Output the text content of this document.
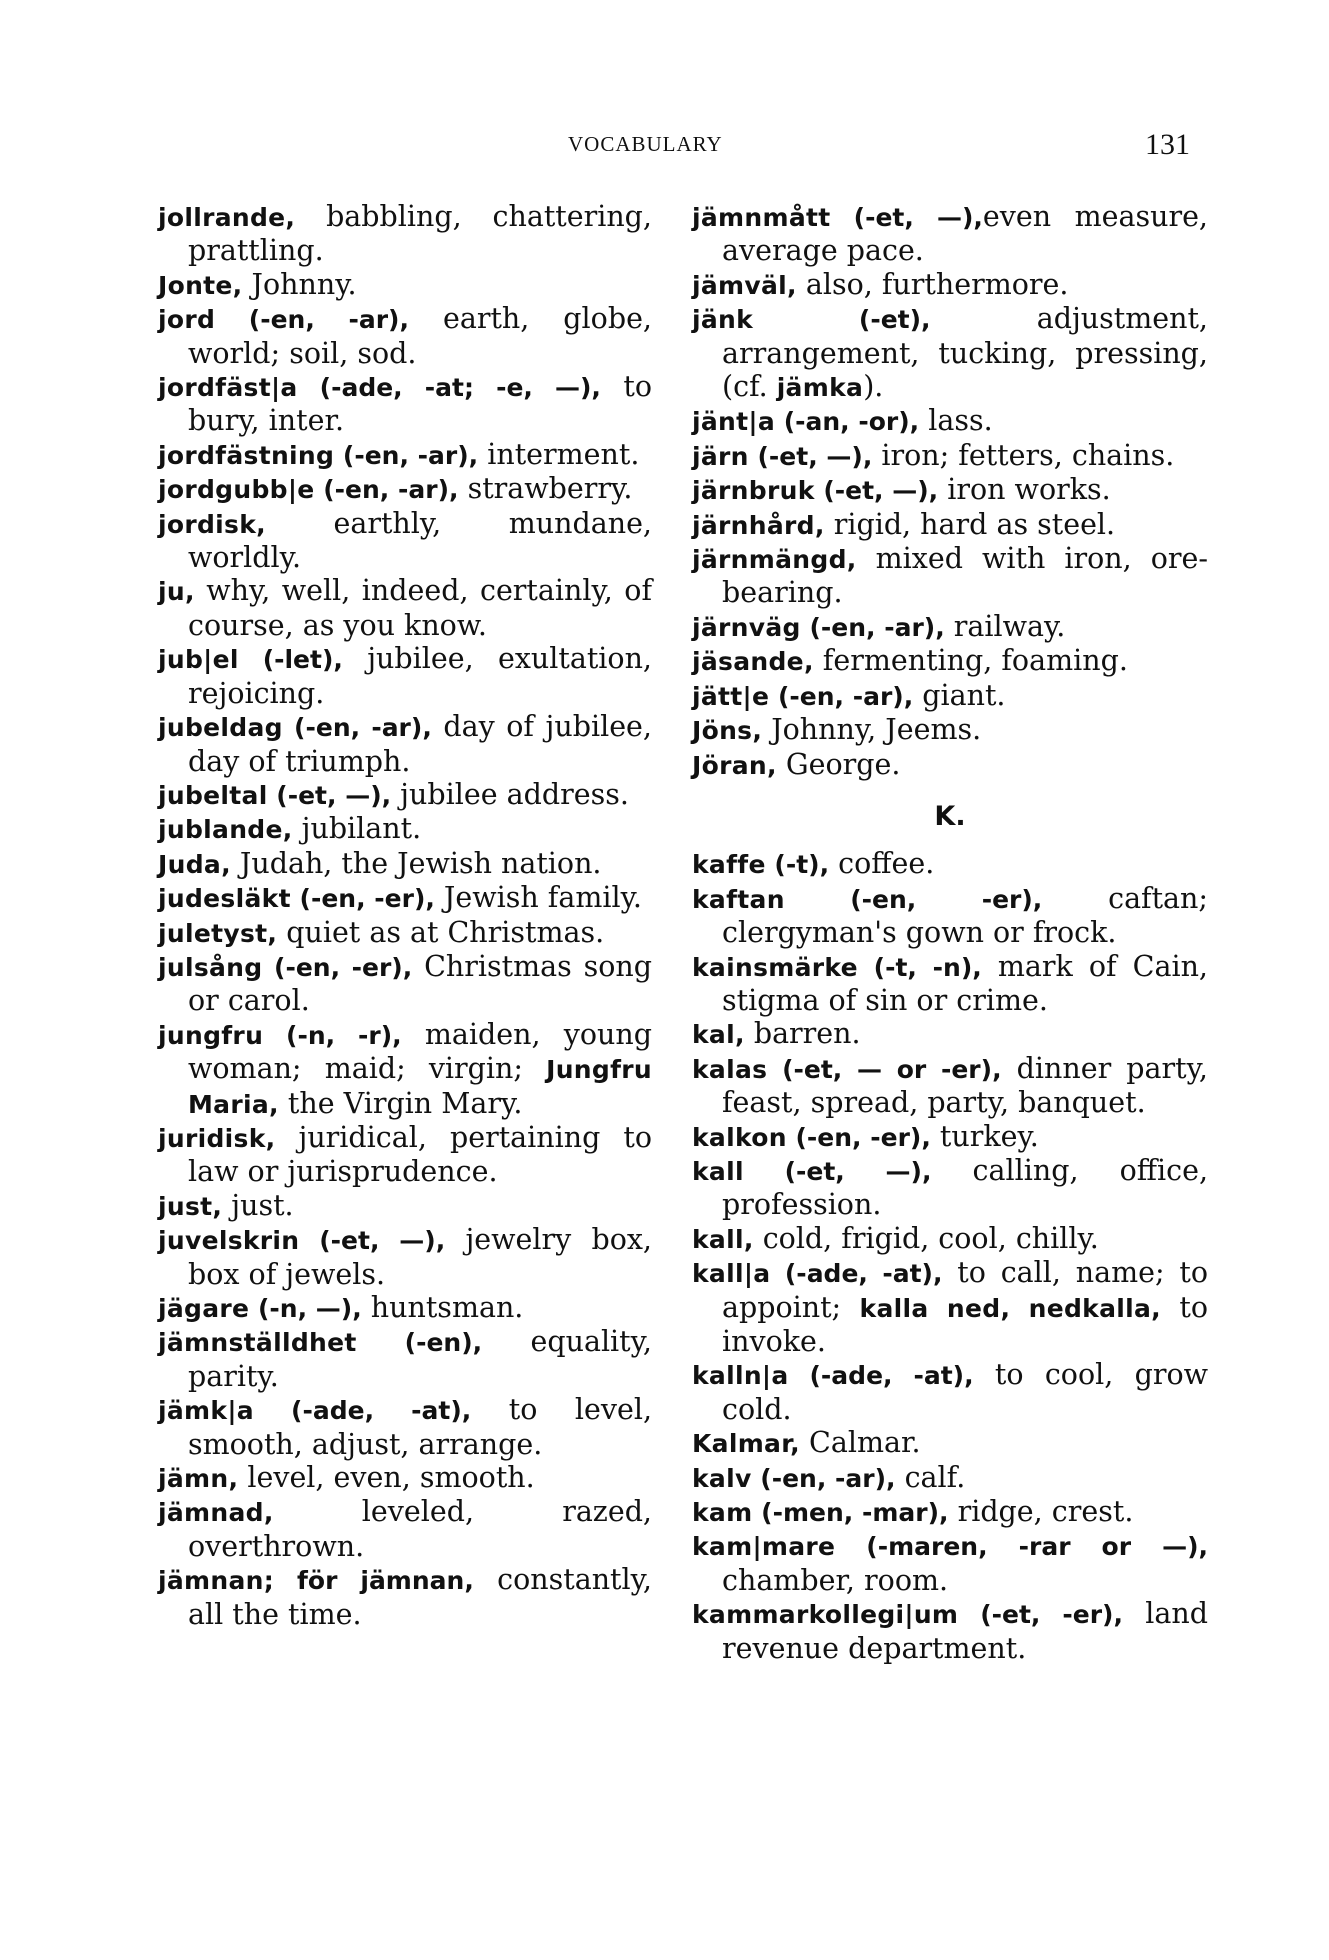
VOCABULARY	131

jollrande, babbling, chattering, prattling.

Jonte, Johnny.

jord (-en, -ar), earth, globe, world; soil, sod.

jordfäst|a (-ade, -at; -e, —), to bury, inter.

jordfästning (-en, -ar), interment.

jordgubb|e (-en, -ar), strawberry.

jordisk, earthly, mundane, worldly.

ju, why, well, indeed, certainly, of course, as you know.

jub|el (-let), jubilee, exultation, rejoicing.

jubeldag (-en, -ar), day of jubilee, day of triumph.

jubeltal (-et, —), jubilee address.

jublande, jubilant.

Juda, Judah, the Jewish nation.

judesläkt (-en, -er), Jewish family.

juletyst, quiet as at Christmas.

julsång (-en, -er), Christmas song or carol.

jungfru (-n, -r), maiden, young woman; maid; virgin; Jungfru Maria, the Virgin Mary.

juridisk, juridical, pertaining to law or jurisprudence.

just, just.

juvelskrin (-et, —), jewelry box, box of jewels.

jägare (-n, —), huntsman.

jämnställdhet (-en), equality, parity.

jämk|a (-ade, -at), to level, smooth, adjust, arrange.

jämn, level, even, smooth.

jämnad, leveled, razed, overthrown.

jämnan; för jämnan, constantly, all the time.

jämnmått (-et, —),even measure, average pace.

jämväl, also, furthermore.

jänk (-et), adjustment, arrangement, tucking, pressing, (cf. jämka).

jänt|a (-an, -or), lass.

järn (-et, —), iron; fetters, chains.

järnbruk (-et, —), iron works.

järnhård, rigid, hard as steel.

järnmängd, mixed with iron, ore-bearing.

järnväg (-en, -ar), railway.

jäsande, fermenting, foaming.

jätt|e (-en, -ar), giant.

Jöns, Johnny, Jeems.

Jöran, George.

K.

kaffe (-t), coffee.

kaftan (-en, -er), caftan; clergyman's gown or frock.

kainsmärke (-t, -n), mark of Cain, stigma of sin or crime.

kal, barren.

kalas (-et, — or -er), dinner party, feast, spread, party, banquet.

kalkon (-en, -er), turkey.

kall (-et, —), calling, office, profession.

kall, cold, frigid, cool, chilly.

kall|a (-ade, -at), to call, name; to appoint; kalla ned, nedkalla, to invoke.

kalln|a (-ade, -at), to cool, grow cold.

Kalmar, Calmar.

kalv (-en, -ar), calf.

kam (-men, -mar), ridge, crest.

kam|mare (-maren, -rar or —), chamber, room.

kammarkollegi|um (-et, -er), land revenue department.
